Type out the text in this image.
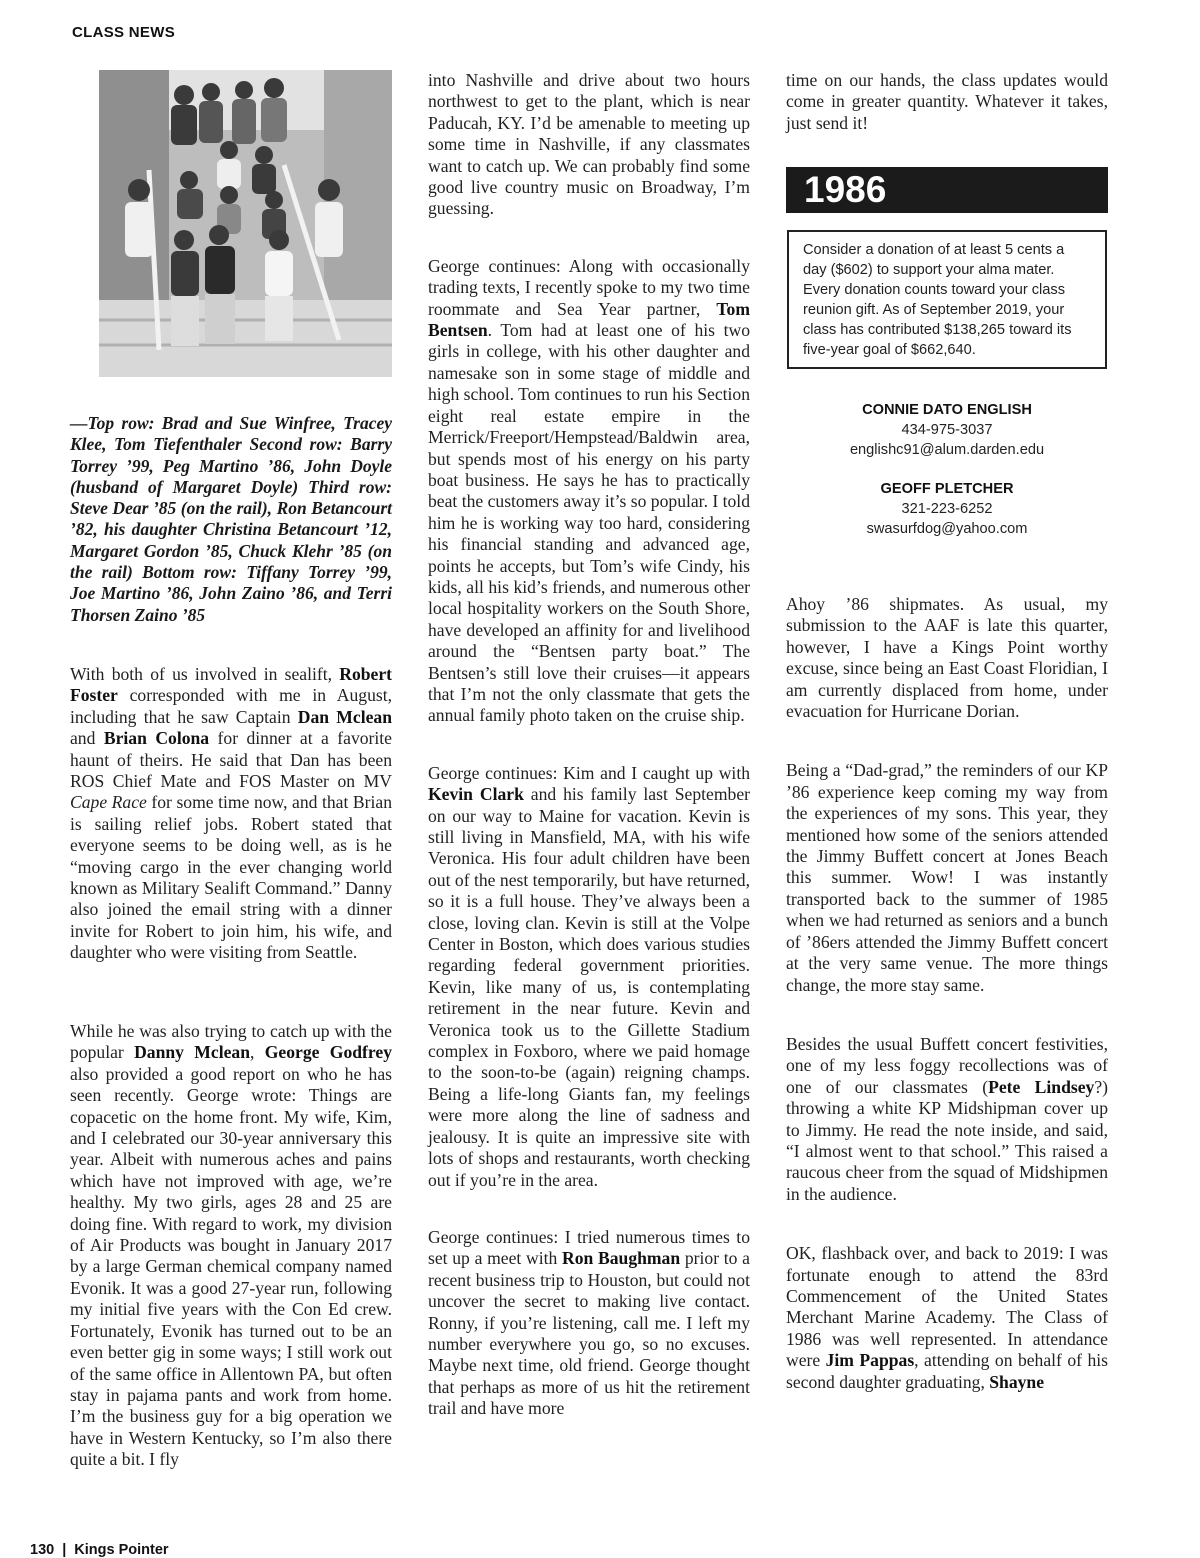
CLASS NEWS
—Top row: Brad and Sue Winfree, Tracey Klee, Tom Tiefenthaler Second row: Barry Torrey ’99, Peg Martino ’86, John Doyle (husband of Margaret Doyle) Third row: Steve Dear ’85 (on the rail), Ron Betancourt ’82, his daughter Christina Betancourt ’12, Margaret Gordon ’85, Chuck Klehr ’85 (on the rail) Bottom row: Tiffany Torrey ’99, Joe Martino ’86, John Zaino ’86, and Terri Thorsen Zaino ’85

With both of us involved in sealift, Robert Foster corresponded with me in August, including that he saw Captain Dan Mclean and Brian Colona for dinner at a favorite haunt of theirs. He said that Dan has been ROS Chief Mate and FOS Master on MV Cape Race for some time now, and that Brian is sailing relief jobs. Robert stated that everyone seems to be doing well, as is he “moving cargo in the ever changing world known as Military Sealift Command.” Danny also joined the email string with a dinner invite for Robert to join him, his wife, and daughter who were visiting from Seattle.

While he was also trying to catch up with the popular Danny Mclean, George Godfrey also provided a good report on who he has seen recently. George wrote: Things are copacetic on the home front. My wife, Kim, and I celebrated our 30-year anniversary this year. Albeit with numerous aches and pains which have not improved with age, we’re healthy. My two girls, ages 28 and 25 are doing fine. With regard to work, my division of Air Products was bought in January 2017 by a large German chemical company named Evonik. It was a good 27-year run, following my initial five years with the Con Ed crew. Fortunately, Evonik has turned out to be an even better gig in some ways; I still work out of the same office in Allentown PA, but often stay in pajama pants and work from home. I’m the business guy for a big operation we have in Western Kentucky, so I’m also there quite a bit. I fly

into Nashville and drive about two hours northwest to get to the plant, which is near Paducah, KY. I’d be amenable to meeting up some time in Nashville, if any classmates want to catch up. We can probably find some good live country music on Broadway, I’m guessing.

George continues: Along with occasionally trading texts, I recently spoke to my two time roommate and Sea Year partner, Tom Bentsen. Tom had at least one of his two girls in college, with his other daughter and namesake son in some stage of middle and high school. Tom continues to run his Section eight real estate empire in the Merrick/Freeport/Hempstead/Baldwin area, but spends most of his energy on his party boat business. He says he has to practically beat the customers away it’s so popular. I told him he is working way too hard, considering his financial standing and advanced age, points he accepts, but Tom’s wife Cindy, his kids, all his kid’s friends, and numerous other local hospitality workers on the South Shore, have developed an affinity for and livelihood around the “Bentsen party boat.” The Bentsen’s still love their cruises—it appears that I’m not the only classmate that gets the annual family photo taken on the cruise ship.

George continues: Kim and I caught up with Kevin Clark and his family last September on our way to Maine for vacation. Kevin is still living in Mansfield, MA, with his wife Veronica. His four adult children have been out of the nest temporarily, but have returned, so it is a full house. They’ve always been a close, loving clan. Kevin is still at the Volpe Center in Boston, which does various studies regarding federal government priorities. Kevin, like many of us, is contemplating retirement in the near future. Kevin and Veronica took us to the Gillette Stadium complex in Foxboro, where we paid homage to the soon-to-be (again) reigning champs. Being a life-long Giants fan, my feelings were more along the line of sadness and jealousy. It is quite an impressive site with lots of shops and restaurants, worth checking out if you’re in the area.

George continues: I tried numerous times to set up a meet with Ron Baughman prior to a recent business trip to Houston, but could not uncover the secret to making live contact. Ronny, if you’re listening, call me. I left my number everywhere you go, so no excuses. Maybe next time, old friend. George thought that perhaps as more of us hit the retirement trail and have more

time on our hands, the class updates would come in greater quantity. Whatever it takes, just send it!

1986
Consider a donation of at least 5 cents a day ($602) to support your alma mater. Every donation counts toward your class reunion gift. As of September 2019, your class has contributed $138,265 toward its five-year goal of $662,640.
CONNIE DATO ENGLISH
434-975-3037
englishc91@alum.darden.edu
GEOFF PLETCHER
321-223-6252
swasurfdog@yahoo.com

Ahoy ’86 shipmates. As usual, my submission to the AAF is late this quarter, however, I have a Kings Point worthy excuse, since being an East Coast Floridian, I am currently displaced from home, under evacuation for Hurricane Dorian.

Being a “Dad-grad,” the reminders of our KP ’86 experience keep coming my way from the experiences of my sons. This year, they mentioned how some of the seniors attended the Jimmy Buffett concert at Jones Beach this summer. Wow! I was instantly transported back to the summer of 1985 when we had returned as seniors and a bunch of ’86ers attended the Jimmy Buffett concert at the very same venue. The more things change, the more stay same.

Besides the usual Buffett concert festivities, one of my less foggy recollections was of one of our classmates (Pete Lindsey?) throwing a white KP Midshipman cover up to Jimmy. He read the note inside, and said, “I almost went to that school.” This raised a raucous cheer from the squad of Midshipmen in the audience.

OK, flashback over, and back to 2019: I was fortunate enough to attend the 83rd Commencement of the United States Merchant Marine Academy. The Class of 1986 was well represented. In attendance were Jim Pappas, attending on behalf of his second daughter graduating, Shayne

130 | Kings Pointer
